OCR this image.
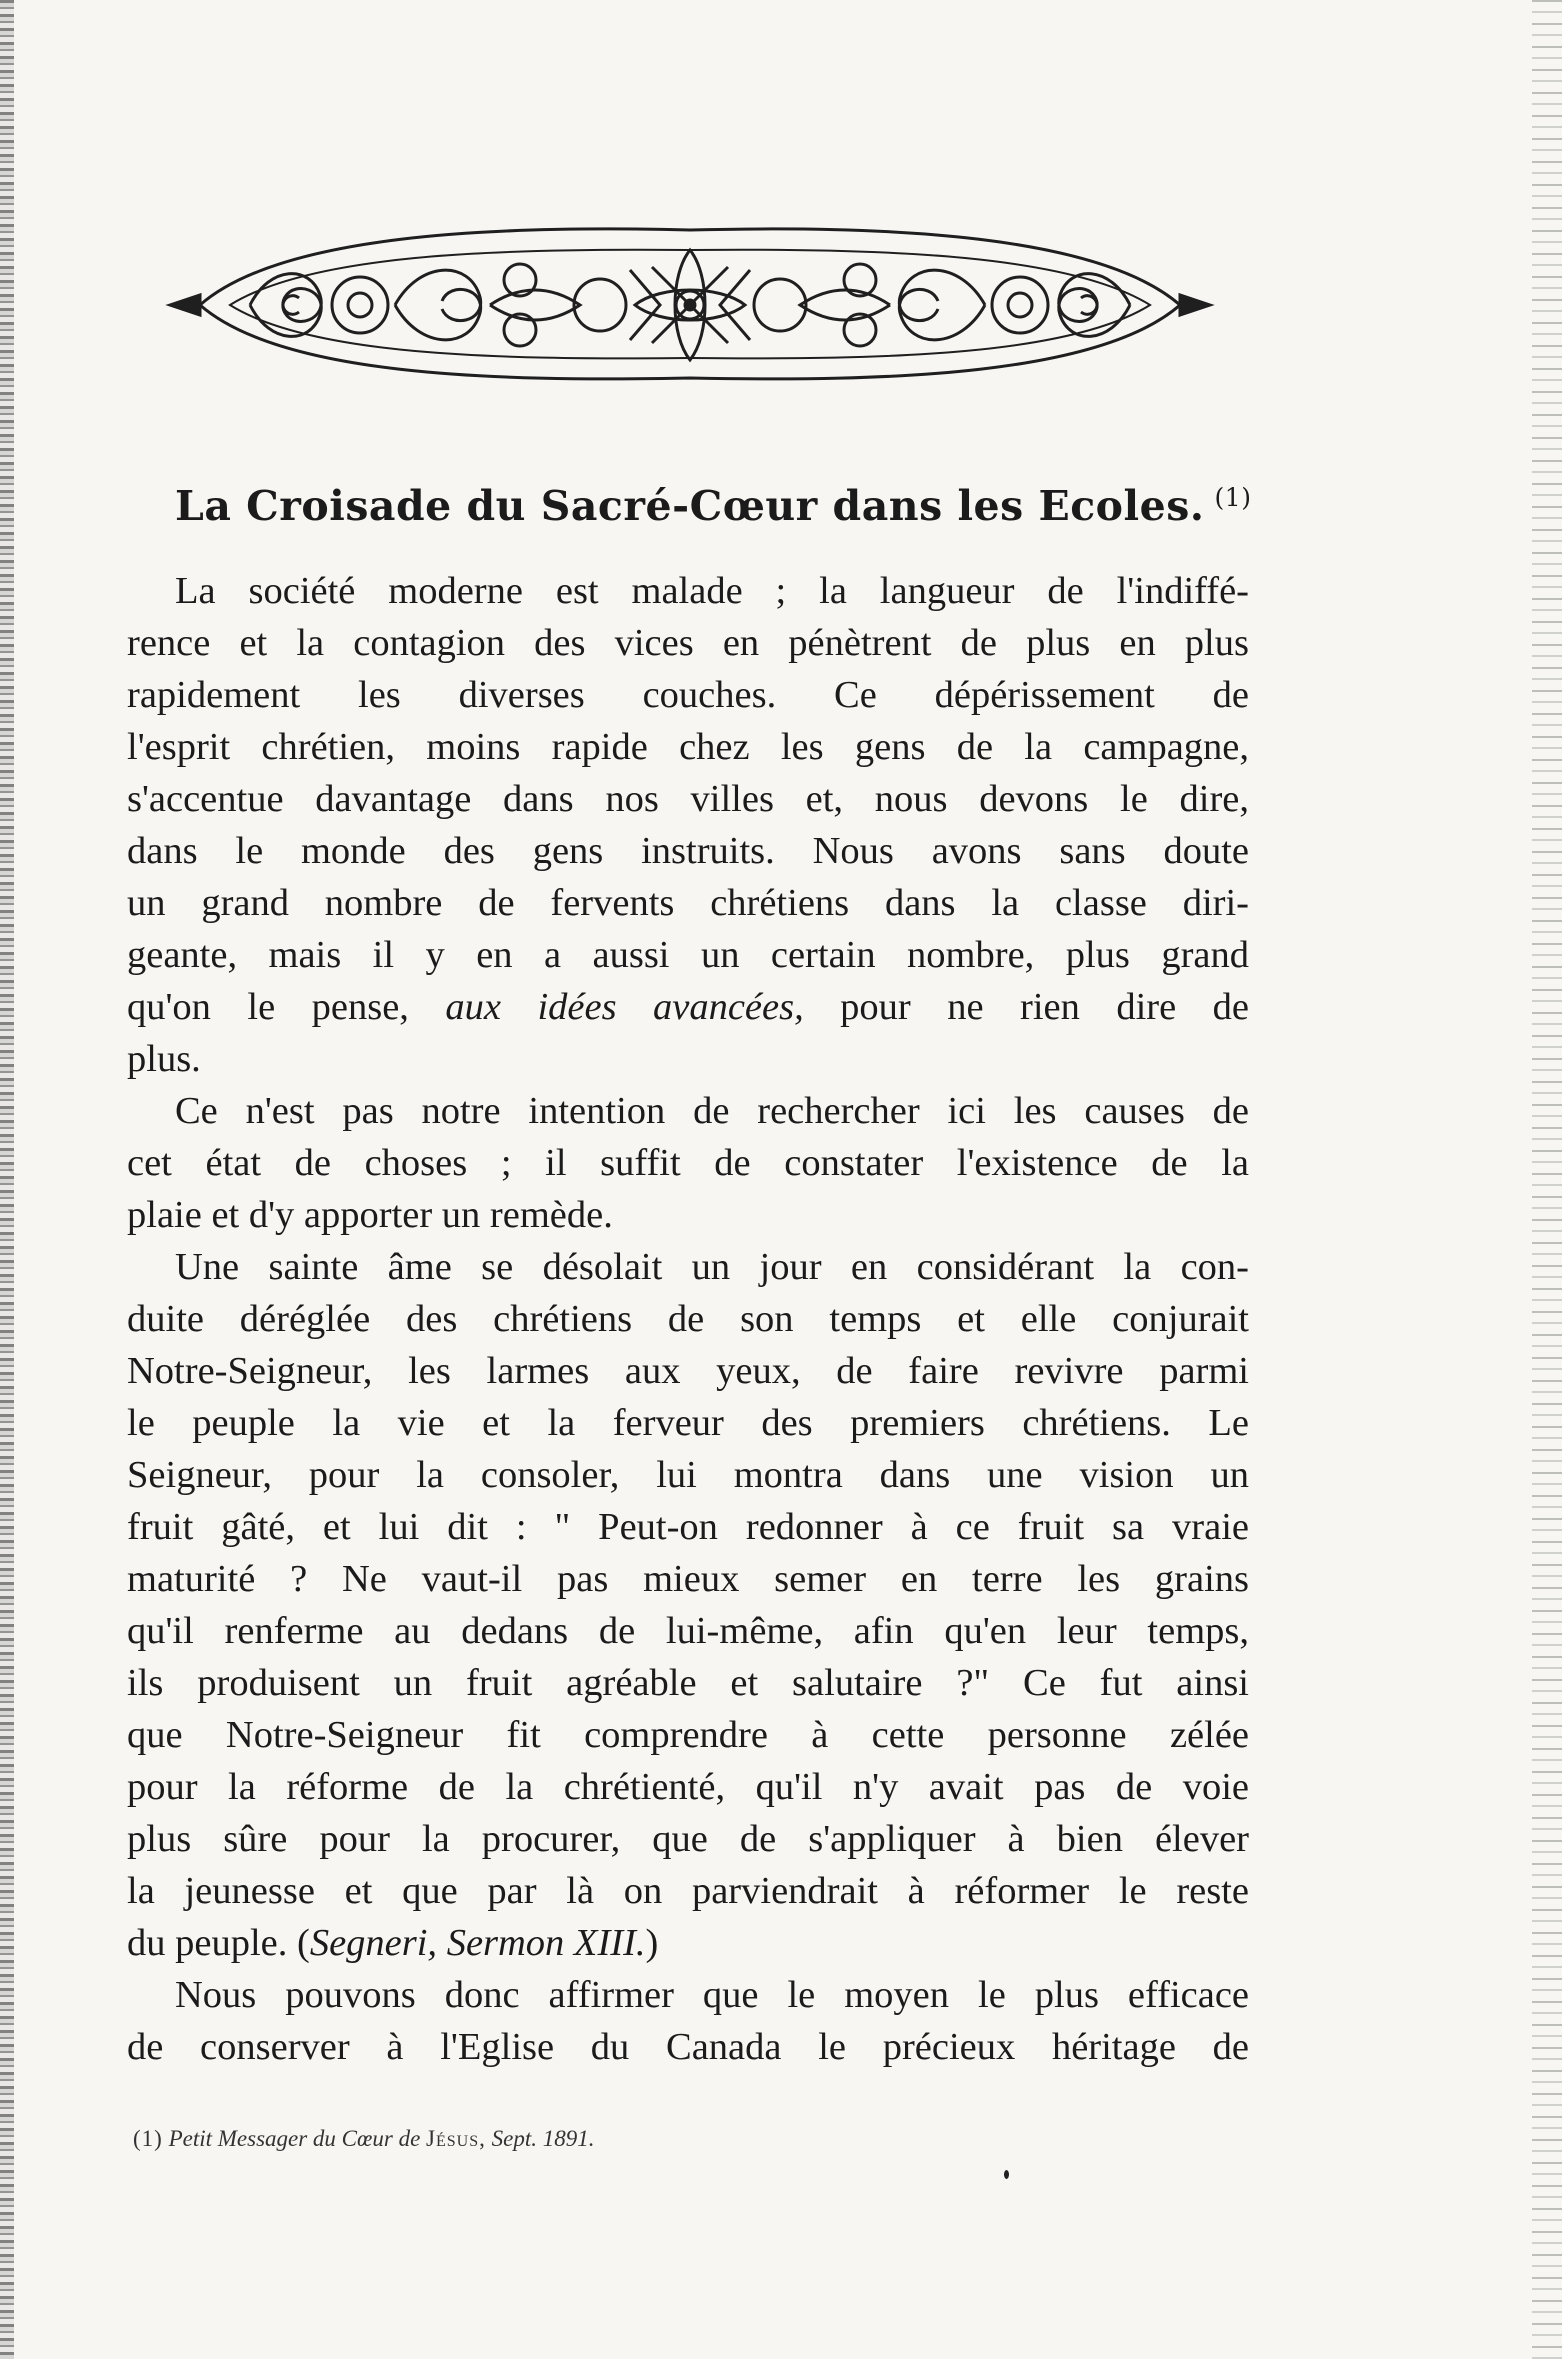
La Croisade du Sacré-Cœur dans les Ecoles. $^{(1)}$
La société moderne est malade ; la langueur de l'indiffé-
rence et la contagion des vices en pénètrent de plus en plus
rapidement les diverses couches. Ce dépérissement de
l'esprit chrétien, moins rapide chez les gens de la campagne,
s'accentue davantage dans nos villes et, nous devons le dire,
dans le monde des gens instruits. Nous avons sans doute
un grand nombre de fervents chrétiens dans la classe diri-
geante, mais il y en a aussi un certain nombre, plus grand
qu'on le pense, aux idées avancées, pour ne rien dire de
plus.
Ce n'est pas notre intention de rechercher ici les causes de
cet état de choses ; il suffit de constater l'existence de la
plaie et d'y apporter un remède.
Une sainte âme se désolait un jour en considérant la con-
duite déréglée des chrétiens de son temps et elle conjurait
Notre-Seigneur, les larmes aux yeux, de faire revivre parmi
le peuple la vie et la ferveur des premiers chrétiens. Le
Seigneur, pour la consoler, lui montra dans une vision un
fruit gâté, et lui dit : " Peut-on redonner à ce fruit sa vraie
maturité ? Ne vaut-il pas mieux semer en terre les grains
qu'il renferme au dedans de lui-même, afin qu'en leur temps,
ils produisent un fruit agréable et salutaire ?" Ce fut ainsi
que Notre-Seigneur fit comprendre à cette personne zélée
pour la réforme de la chrétienté, qu'il n'y avait pas de voie
plus sûre pour la procurer, que de s'appliquer à bien élever
la jeunesse et que par là on parviendrait à réformer le reste
du peuple. (Segneri, Sermon XIII.)
Nous pouvons donc affirmer que le moyen le plus efficace
de conserver à l'Eglise du Canada le précieux héritage de
(1) Petit Messager du Cœur de Jésus, Sept. 1891.
